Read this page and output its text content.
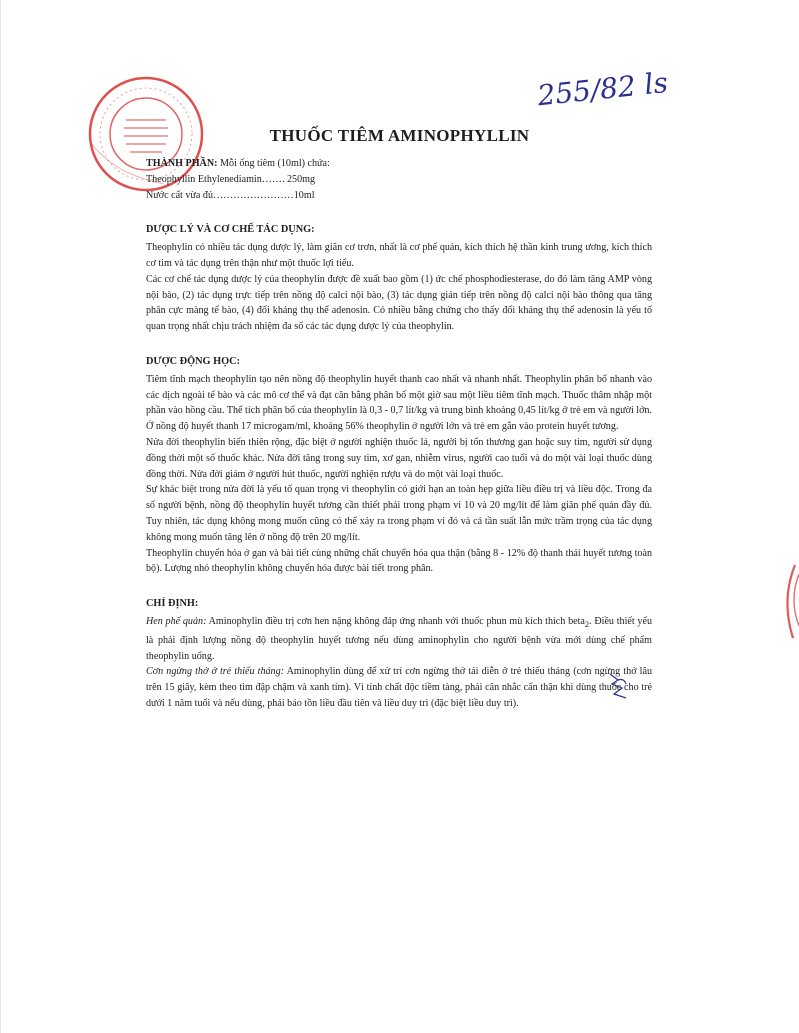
255/82 ls
THUỐC TIÊM AMINOPHYLLIN

THÀNH PHẦN: Mỗi ống tiêm (10ml) chứa:

Theophyllin Ethylenediamin……. 250mg

Nước cất vừa đủ……………………10ml

DƯỢC LÝ VÀ CƠ CHẾ TÁC DỤNG:

Theophylin có nhiều tác dụng dược lý, làm giãn cơ trơn, nhất là cơ phế quản, kích thích hệ thần kinh trung ương, kích thích cơ tim và tác dụng trên thận như một thuốc lợi tiểu.

Các cơ chế tác dụng dược lý của theophylin được đề xuất bao gồm (1) ức chế phosphodiesterase, do đó làm tăng AMP vòng nội bào, (2) tác dụng trực tiếp trên nồng độ calci nội bào, (3) tác dụng gián tiếp trên nồng độ calci nội bào thông qua tăng phân cực màng tế bào, (4) đối kháng thụ thể adenosin. Có nhiều bằng chứng cho thấy đối kháng thụ thể adenosin là yếu tố quan trọng nhất chịu trách nhiệm đa số các tác dụng dược lý của theophylin.

DƯỢC ĐỘNG HỌC:

Tiêm tĩnh mạch theophylin tạo nên nồng độ theophylin huyết thanh cao nhất và nhanh nhất. Theophylin phân bố nhanh vào các dịch ngoài tế bào và các mô cơ thể và đạt cân bằng phân bố một giờ sau một liều tiêm tĩnh mạch. Thuốc thâm nhập một phần vào hồng cầu. Thể tích phân bố của theophylin là 0,3 - 0,7 lít/kg và trung bình khoảng 0,45 lít/kg ở trẻ em và người lớn. Ở nồng độ huyết thanh 17 microgam/ml, khoảng 56% theophylin ở người lớn và trẻ em gắn vào protein huyết tương.

Nửa đời theophylin biến thiên rộng, đặc biệt ở người nghiện thuốc lá, người bị tổn thương gan hoặc suy tim, người sử dụng đồng thời một số thuốc khác. Nửa đời tăng trong suy tim, xơ gan, nhiễm virus, người cao tuổi và do một vài loại thuốc dùng đồng thời. Nửa đời giảm ở người hút thuốc, người nghiện rượu và do một vài loại thuốc.

Sự khác biệt trong nửa đời là yếu tố quan trọng vì theophylin có giới hạn an toàn hẹp giữa liều điều trị và liều độc. Trong đa số người bệnh, nồng độ theophylin huyết tương cần thiết phải trong phạm vi 10 và 20 mg/lít để làm giãn phế quản đầy đủ. Tuy nhiên, tác dụng không mong muốn cũng có thể xảy ra trong phạm vi đó và cả tần suất lẫn mức trầm trọng của tác dụng không mong muốn tăng lên ở nồng độ trên 20 mg/lít.

Theophylin chuyển hóa ở gan và bài tiết cùng những chất chuyển hóa qua thận (bằng 8 - 12% độ thanh thải huyết tương toàn bộ). Lượng nhỏ theophylin không chuyển hóa được bài tiết trong phân.

CHỈ ĐỊNH:

Hen phế quản: Aminophylin điều trị cơn hen nặng không đáp ứng nhanh với thuốc phun mù kích thích beta$_2$. Điều thiết yếu là phải định lượng nồng độ theophylin huyết tương nếu dùng aminophylin cho người bệnh vừa mới dùng chế phẩm theophylin uống.

Cơn ngừng thở ở trẻ thiếu tháng: Aminophylin dùng để xử trí cơn ngừng thở tái diễn ở trẻ thiếu tháng (cơn ngừng thở lâu trên 15 giây, kèm theo tim đập chậm và xanh tím). Vì tính chất độc tiềm tàng, phải cân nhắc cẩn thận khi dùng thuốc cho trẻ dưới 1 năm tuổi và nếu dùng, phải bảo tồn liều đầu tiên và liều duy trì (đặc biệt liều duy trì).
